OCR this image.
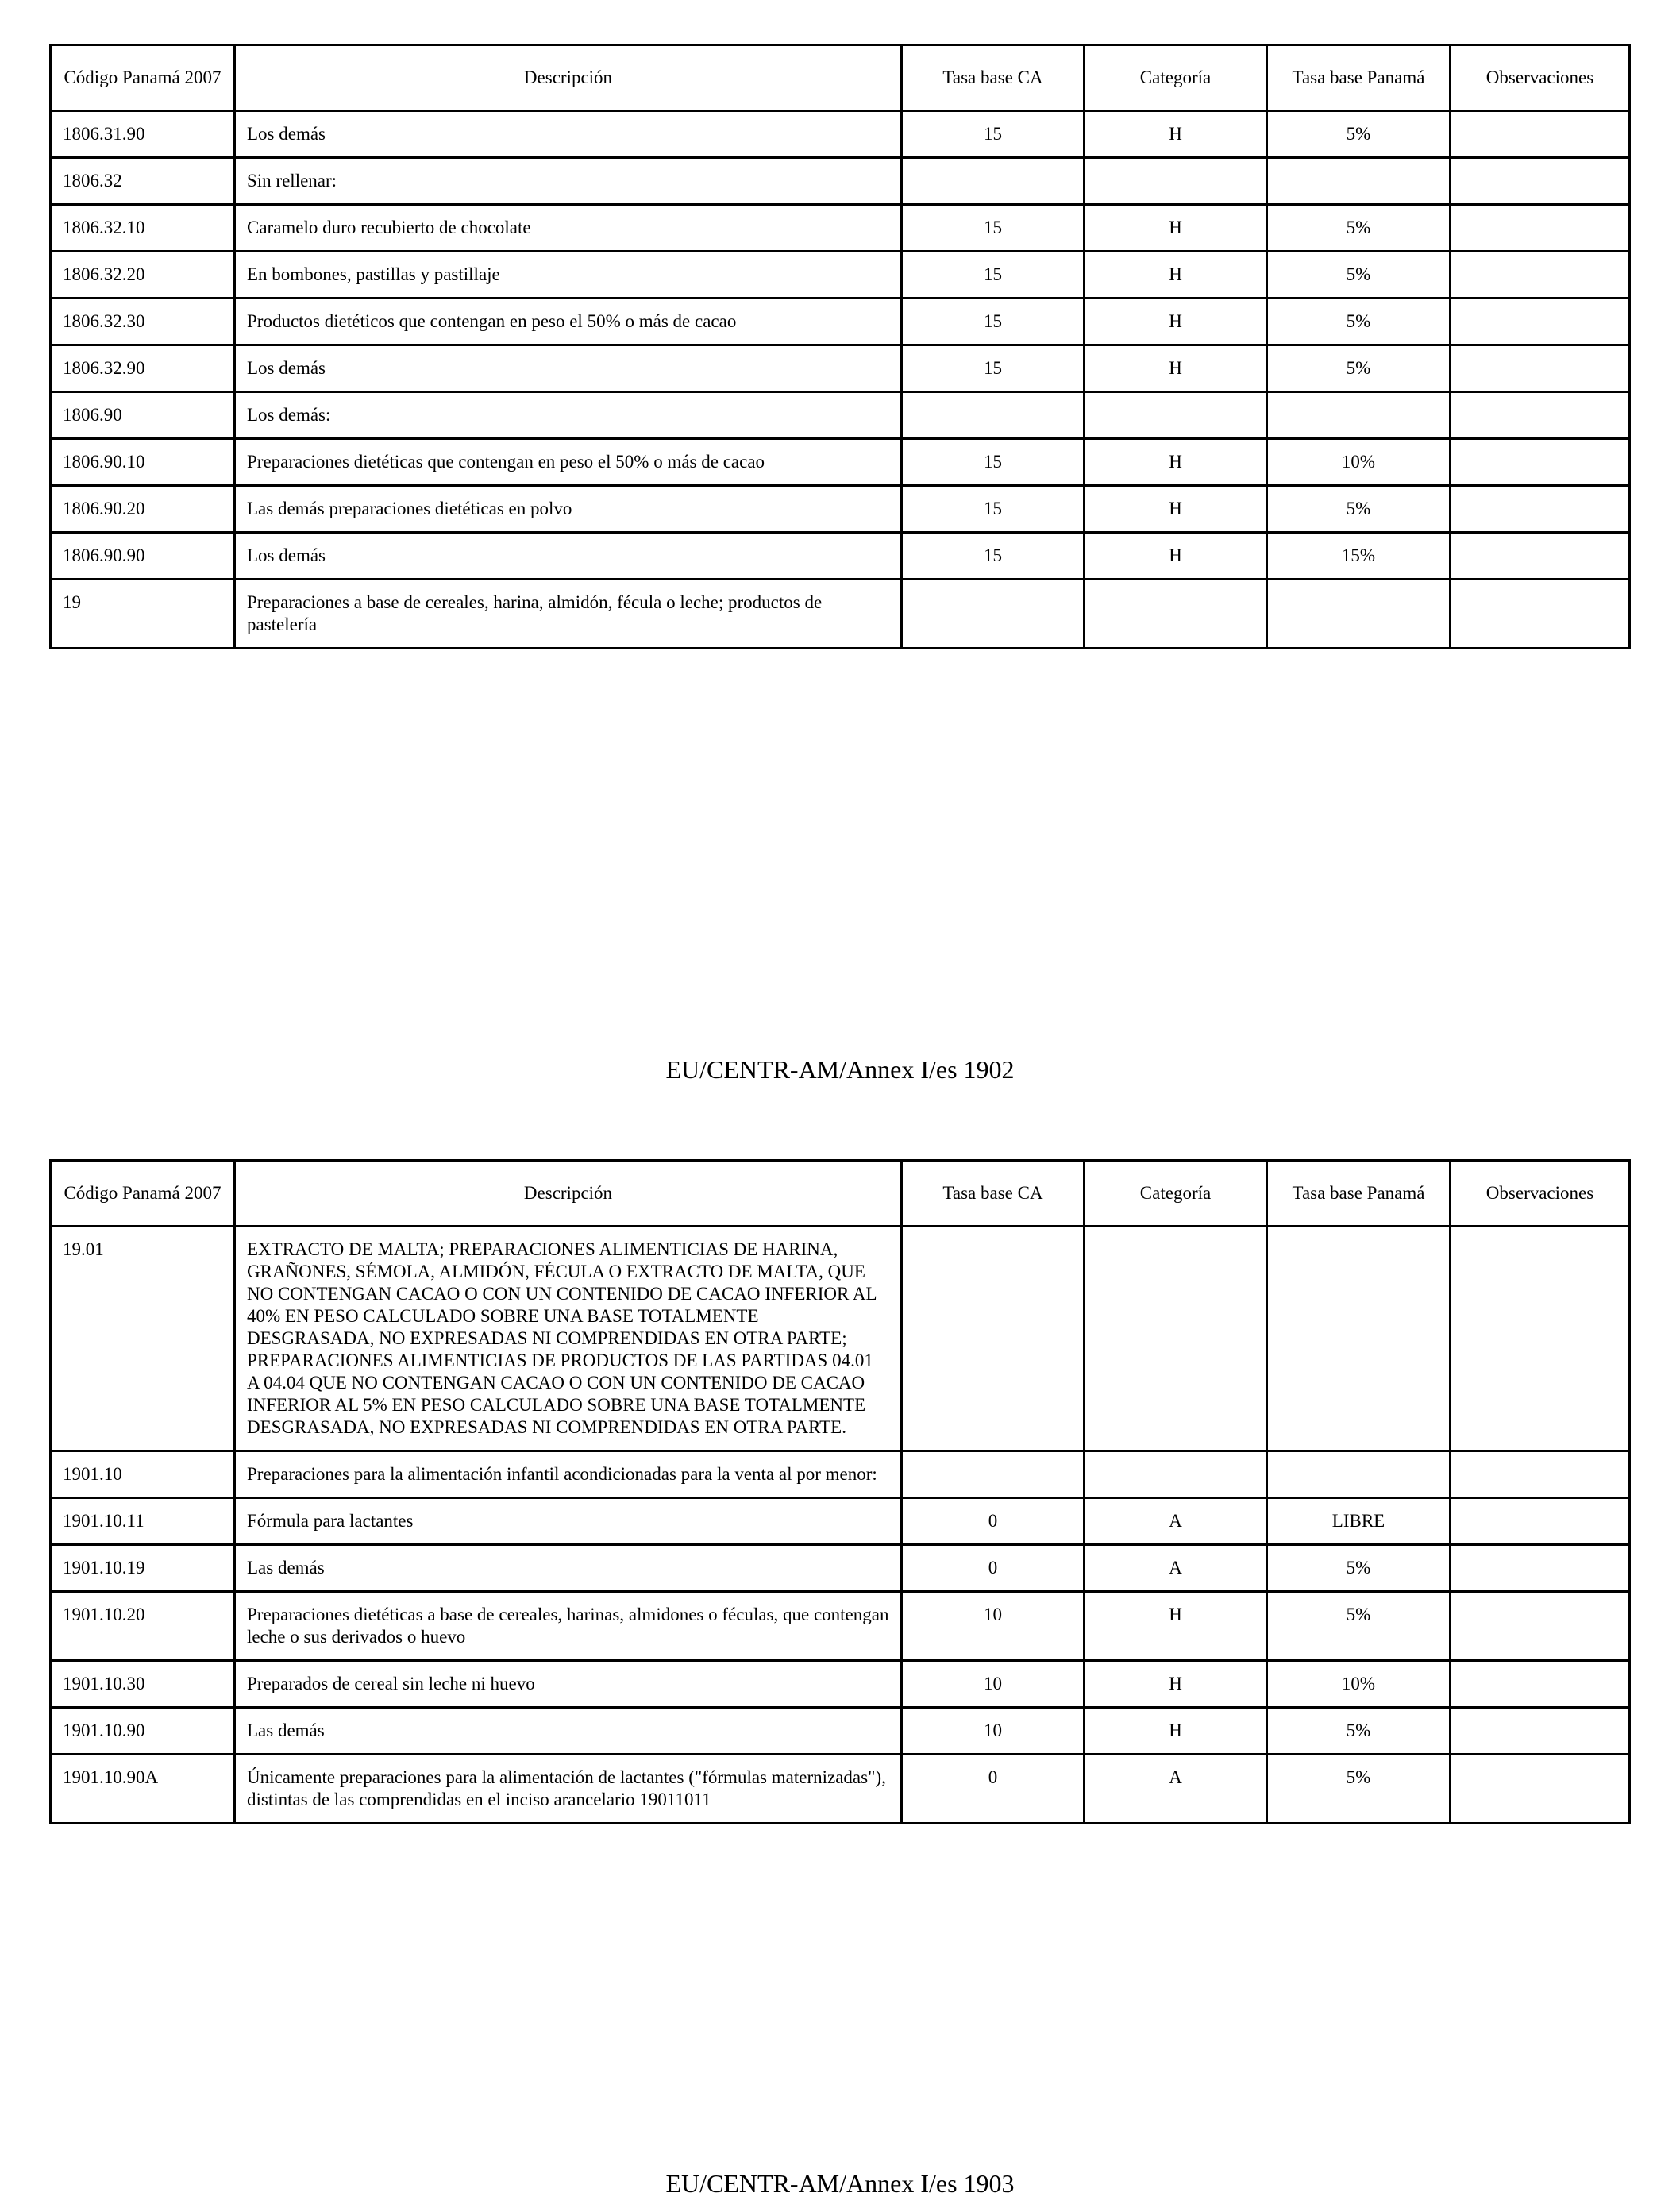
Código Panamá 2007	Descripción	Tasa base CA	Categoría	Tasa base Panamá	Observaciones
1806.31.90	Los demás	15	H	5%	
1806.32	Sin rellenar:				
1806.32.10	Caramelo duro recubierto de chocolate	15	H	5%	
1806.32.20	En bombones, pastillas y pastillaje	15	H	5%	
1806.32.30	Productos dietéticos que contengan en peso el 50% o más de cacao	15	H	5%	
1806.32.90	Los demás	15	H	5%	
1806.90	Los demás:				
1806.90.10	Preparaciones dietéticas que contengan en peso el 50% o más de cacao	15	H	10%	
1806.90.20	Las demás preparaciones dietéticas en polvo	15	H	5%	
1806.90.90	Los demás	15	H	15%	
19	Preparaciones a base de cereales, harina, almidón, fécula o leche; productos de pastelería				
EU/CENTR-AM/Annex I/es 1902
Código Panamá 2007	Descripción	Tasa base CA	Categoría	Tasa base Panamá	Observaciones
19.01	EXTRACTO DE MALTA; PREPARACIONES ALIMENTICIAS DE HARINA, GRAÑONES, SÉMOLA, ALMIDÓN, FÉCULA O EXTRACTO DE MALTA, QUE NO CONTENGAN CACAO O CON UN CONTENIDO DE CACAO INFERIOR AL 40% EN PESO CALCULADO SOBRE UNA BASE TOTALMENTE DESGRASADA, NO EXPRESADAS NI COMPRENDIDAS EN OTRA PARTE; PREPARACIONES ALIMENTICIAS DE PRODUCTOS DE LAS PARTIDAS 04.01 A 04.04 QUE NO CONTENGAN CACAO O CON UN CONTENIDO DE CACAO INFERIOR AL 5% EN PESO CALCULADO SOBRE UNA BASE TOTALMENTE DESGRASADA, NO EXPRESADAS NI COMPRENDIDAS EN OTRA PARTE.				
1901.10	Preparaciones para la alimentación infantil acondicionadas para la venta al por menor:				
1901.10.11	Fórmula para lactantes	0	A	LIBRE	
1901.10.19	Las demás	0	A	5%	
1901.10.20	Preparaciones dietéticas a base de cereales, harinas, almidones o féculas, que contengan leche o sus derivados o huevo	10	H	5%	
1901.10.30	Preparados de cereal sin leche ni huevo	10	H	10%	
1901.10.90	Las demás	10	H	5%	
1901.10.90A	Únicamente preparaciones para la alimentación de lactantes ("fórmulas maternizadas"), distintas de las comprendidas en el inciso arancelario 19011011	0	A	5%	
EU/CENTR-AM/Annex I/es 1903
